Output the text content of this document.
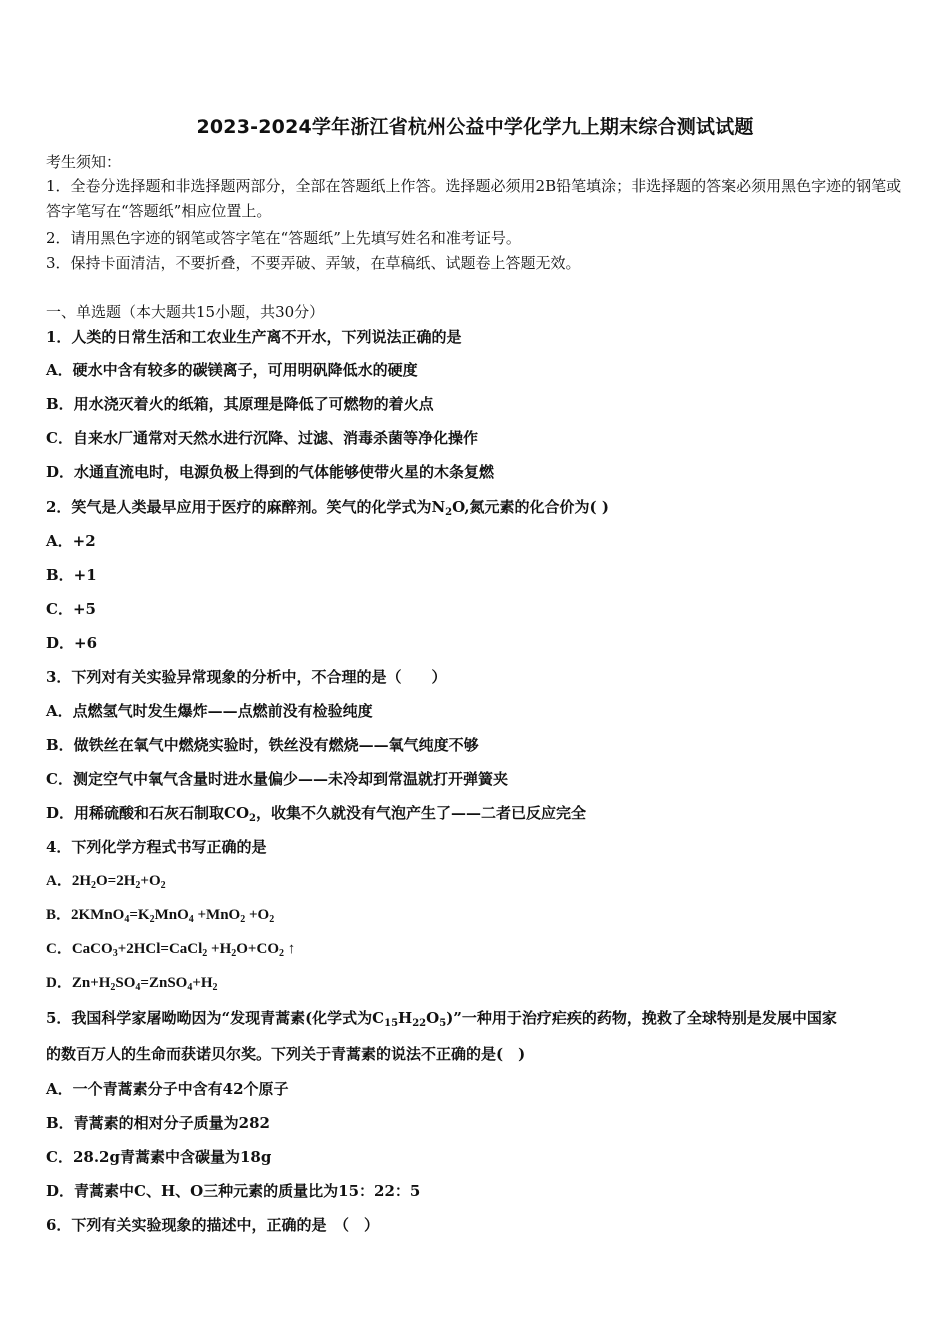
2023-2024学年浙江省杭州公益中学化学九上期末综合测试试题
考生须知：
1．全卷分选择题和非选择题两部分，全部在答题纸上作答。选择题必须用2B铅笔填涂；非选择题的答案必须用黑色字迹的钢笔或答字笔写在“答题纸”相应位置上。
2．请用黑色字迹的钢笔或答字笔在“答题纸”上先填写姓名和准考证号。
3．保持卡面清洁，不要折叠，不要弄破、弄皱，在草稿纸、试题卷上答题无效。
一、单选题（本大题共15小题，共30分）
1．人类的日常生活和工农业生产离不开水，下列说法正确的是
A．硬水中含有较多的碳镁离子，可用明矾降低水的硬度
B．用水浇灭着火的纸箱，其原理是降低了可燃物的着火点
C．自来水厂通常对天然水进行沉降、过滤、消毒杀菌等净化操作
D．水通直流电时，电源负极上得到的气体能够使带火星的木条复燃
2．笑气是人类最早应用于医疗的麻醉剂。笑气的化学式为$N_2O$,氮元素的化合价为( )
A．+2
B．+1
C．+5
D．+6
3．下列对有关实验异常现象的分析中，不合理的是（　　）
A．点燃氢气时发生爆炸——点燃前没有检验纯度
B．做铁丝在氧气中燃烧实验时，铁丝没有燃烧——氧气纯度不够
C．测定空气中氧气含量时进水量偏少——未冷却到常温就打开弹簧夹
D．用稀硫酸和石灰石制取$CO_2$，收集不久就没有气泡产生了——二者已反应完全
4．下列化学方程式书写正确的是
A．$2H_2O=2H_2+O_2$
B．$2KMnO_4=K_2MnO_4 +MnO_2 +O_2$
C．CaCO$_3$+2HCl=CaCl$_2$ $+H_2O+CO_2$ ↑
D．$Zn+H_2SO_4=ZnSO_4+H_2$
5．我国科学家屠呦呦因为“发现青蒿素(化学式为$C_{15}H_{22}O_5$)”一种用于治疗疟疾的药物，挽救了全球特别是发展中国家
的数百万人的生命而获诺贝尔奖。下列关于青蒿素的说法不正确的是(　)
A．一个青蒿素分子中含有42个原子
B．青蒿素的相对分子质量为282
C．28.2g青蒿素中含碳量为18g
D．青蒿素中C、H、O三种元素的质量比为15：22：5
6．下列有关实验现象的描述中，正确的是　（　）
